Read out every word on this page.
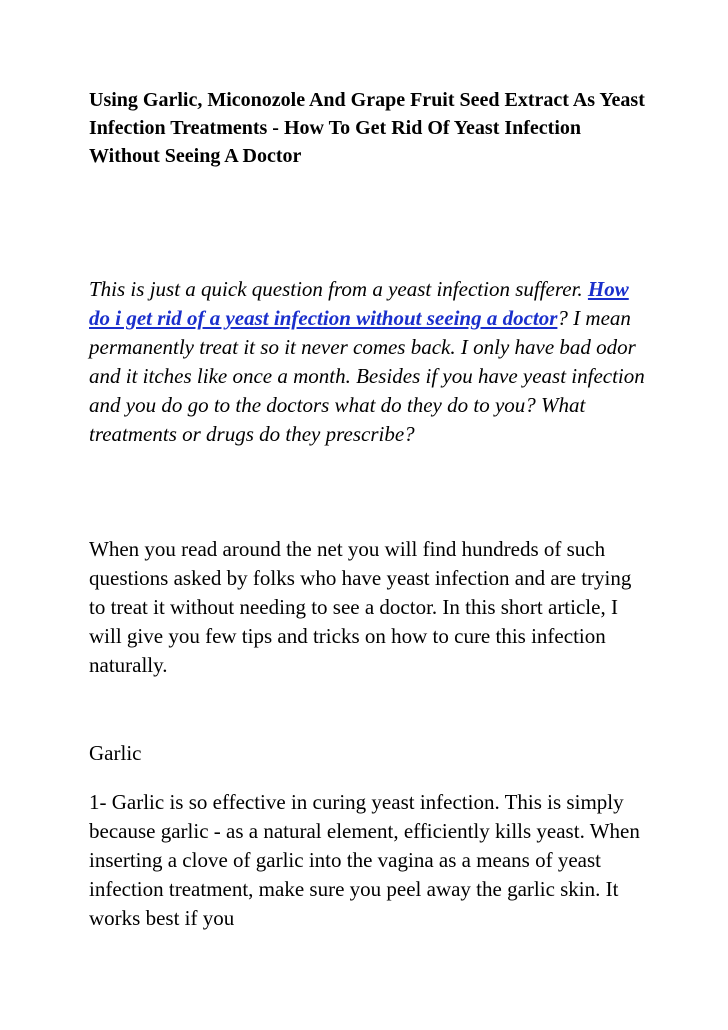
Using Garlic, Miconozole And Grape Fruit Seed Extract As Yeast Infection Treatments - How To Get Rid Of Yeast Infection Without Seeing A Doctor

This is just a quick question from a yeast infection sufferer. How do i get rid of a yeast infection without seeing a doctor? I mean permanently treat it so it never comes back. I only have bad odor and it itches like once a month. Besides if you have yeast infection and you do go to the doctors what do they do to you? What treatments or drugs do they prescribe?

When you read around the net you will find hundreds of such questions asked by folks who have yeast infection and are trying to treat it without needing to see a doctor. In this short article, I will give you few tips and tricks on how to cure this infection naturally.

Garlic

1- Garlic is so effective in curing yeast infection. This is simply because garlic - as a natural element, efficiently kills yeast. When inserting a clove of garlic into the vagina as a means of yeast infection treatment, make sure you peel away the garlic skin. It works best if you
